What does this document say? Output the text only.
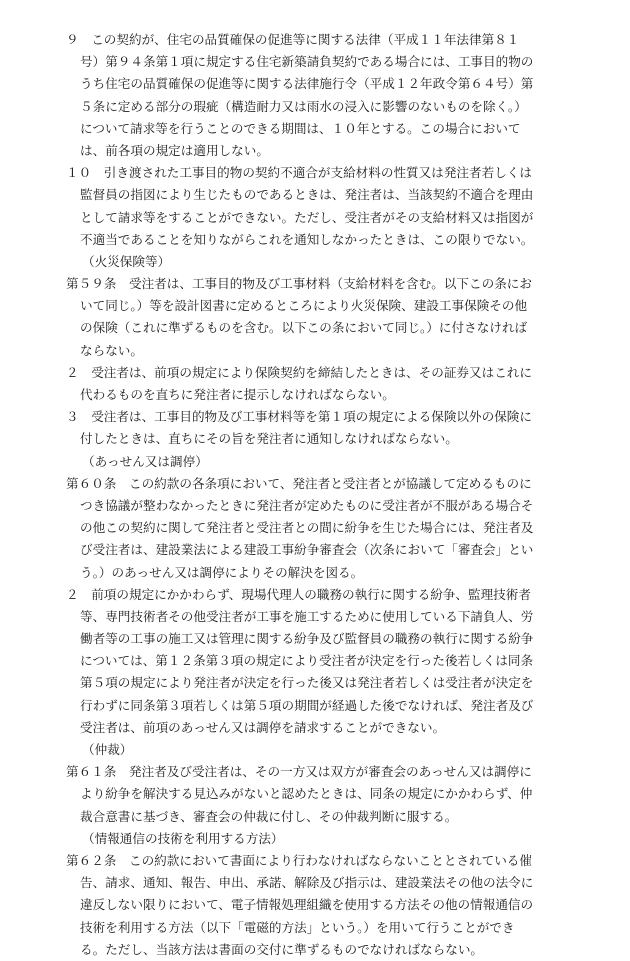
９　この契約が、住宅の品質確保の促進等に関する法律（平成１１年法律第８１
号）第９４条第１項に規定する住宅新築請負契約である場合には、工事目的物の
うち住宅の品質確保の促進等に関する法律施行令（平成１２年政令第６４号）第
５条に定める部分の瑕疵（構造耐力又は雨水の浸入に影響のないものを除く。）
について請求等を行うことのできる期間は、１０年とする。この場合において
は、前各項の規定は適用しない。
１０　引き渡された工事目的物の契約不適合が支給材料の性質又は発注者若しくは
監督員の指図により生じたものであるときは、発注者は、当該契約不適合を理由
として請求等をすることができない。ただし、受注者がその支給材料又は指図が
不適当であることを知りながらこれを通知しなかったときは、この限りでない。
（火災保険等）
第５９条　受注者は、工事目的物及び工事材料（支給材料を含む。以下この条にお
いて同じ。）等を設計図書に定めるところにより火災保険、建設工事保険その他
の保険（これに準ずるものを含む。以下この条において同じ。）に付さなければ
ならない。
２　受注者は、前項の規定により保険契約を締結したときは、その証券又はこれに
代わるものを直ちに発注者に提示しなければならない。
３　受注者は、工事目的物及び工事材料等を第１項の規定による保険以外の保険に
付したときは、直ちにその旨を発注者に通知しなければならない。
（あっせん又は調停）
第６０条　この約款の各条項において、発注者と受注者とが協議して定めるものに
つき協議が整わなかったときに発注者が定めたものに受注者が不服がある場合そ
の他この契約に関して発注者と受注者との間に紛争を生じた場合には、発注者及
び受注者は、建設業法による建設工事紛争審査会（次条において「審査会」とい
う。）のあっせん又は調停によりその解決を図る。
２　前項の規定にかかわらず、現場代理人の職務の執行に関する紛争、監理技術者
等、専門技術者その他受注者が工事を施工するために使用している下請負人、労
働者等の工事の施工又は管理に関する紛争及び監督員の職務の執行に関する紛争
については、第１２条第３項の規定により受注者が決定を行った後若しくは同条
第５項の規定により発注者が決定を行った後又は発注者若しくは受注者が決定を
行わずに同条第３項若しくは第５項の期間が経過した後でなければ、発注者及び
受注者は、前項のあっせん又は調停を請求することができない。
（仲裁）
第６１条　発注者及び受注者は、その一方又は双方が審査会のあっせん又は調停に
より紛争を解決する見込みがないと認めたときは、同条の規定にかかわらず、仲
裁合意書に基づき、審査会の仲裁に付し、その仲裁判断に服する。
（情報通信の技術を利用する方法）
第６２条　この約款において書面により行わなければならないこととされている催
告、請求、通知、報告、申出、承諾、解除及び指示は、建設業法その他の法令に
違反しない限りにおいて、電子情報処理組織を使用する方法その他の情報通信の
技術を利用する方法（以下「電磁的方法」という。）を用いて行うことができ
る。ただし、当該方法は書面の交付に準ずるものでなければならない。
